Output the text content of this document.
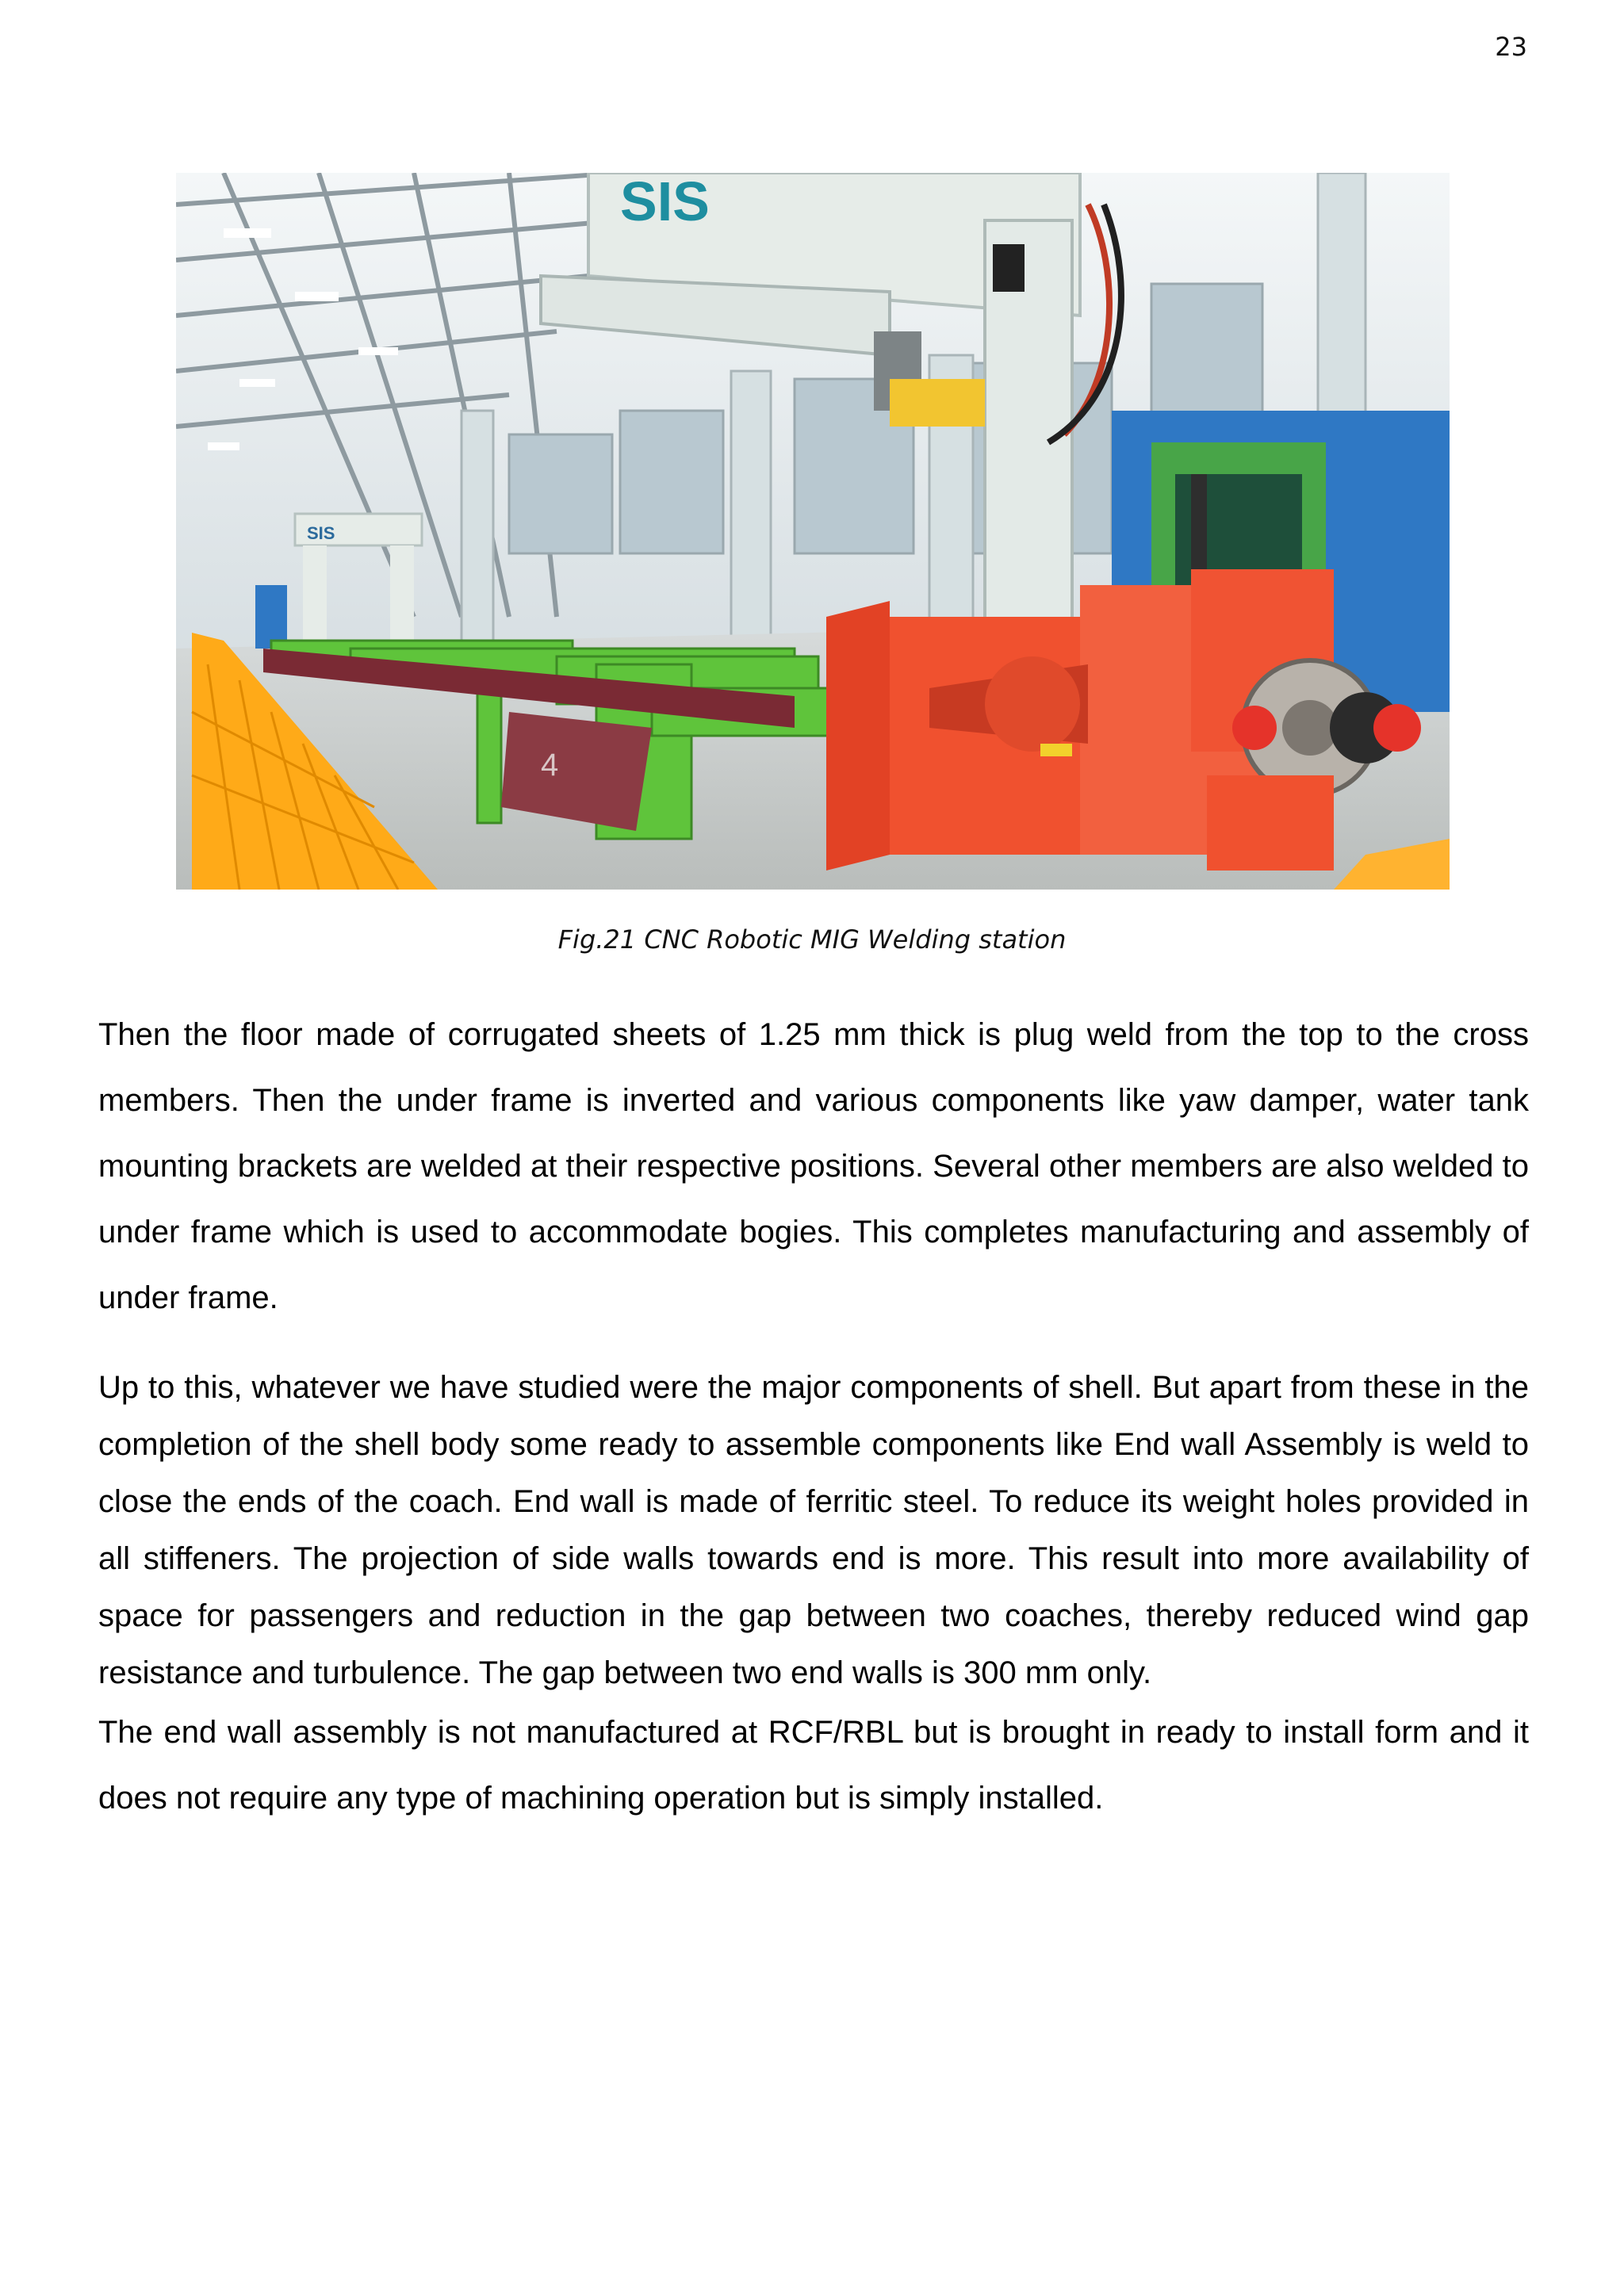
23
SIS
SIS
4
Fig.21 CNC Robotic MIG Welding station

Then the floor made of corrugated sheets of 1.25 mm thick is plug weld from the top to the cross members. Then the under frame is inverted and various components like yaw damper, water tank mounting brackets are welded at their respective positions. Several other members are also welded to under frame which is used to accommodate bogies. This completes manufacturing and assembly of under frame.

Up to this, whatever we have studied were the major components of shell. But apart from these in the completion of the shell body some ready to assemble components like End wall Assembly is weld to close the ends of the coach. End wall is made of ferritic steel. To reduce its weight holes provided in all stiffeners. The projection of side walls towards end is more. This result into more availability of space for passengers and reduction in the gap between two coaches, thereby reduced wind gap resistance and turbulence. The gap between two end walls is 300 mm only.

The end wall assembly is not manufactured at RCF/RBL but is brought in ready to install form and it does not require any type of machining operation but is simply installed.
